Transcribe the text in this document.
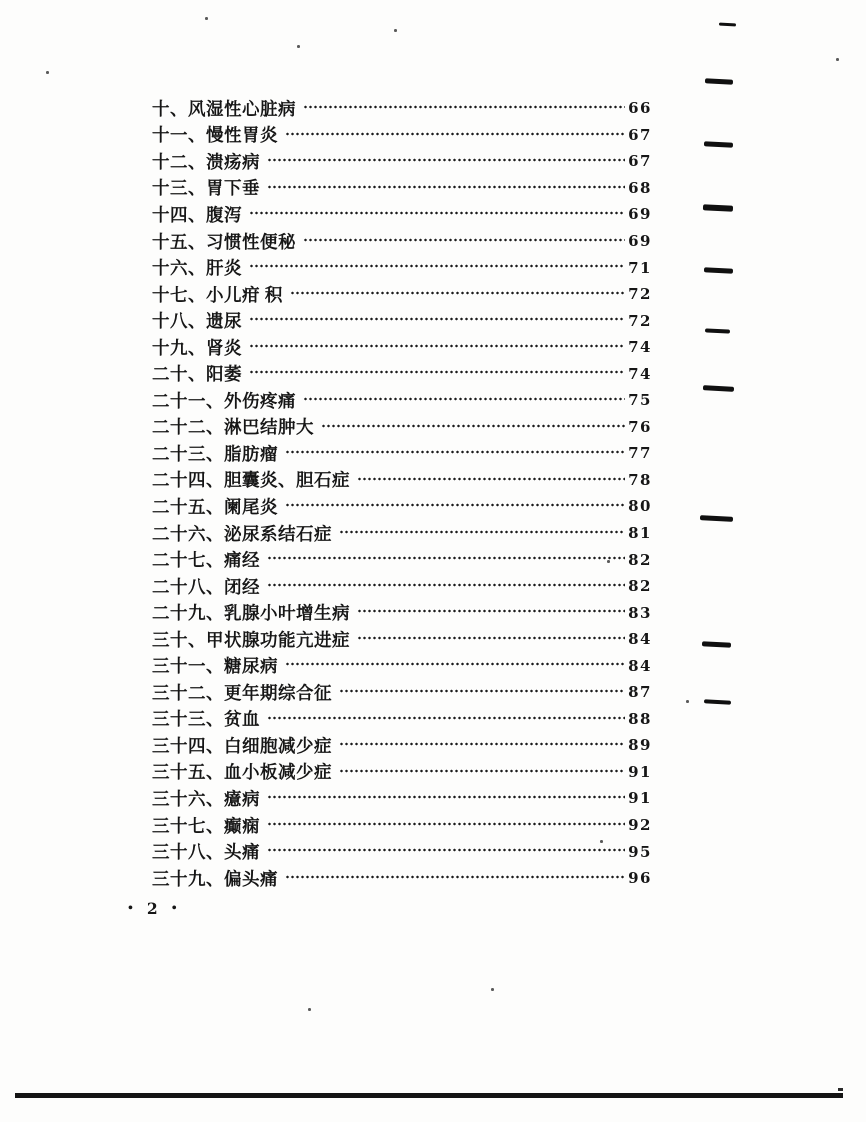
十、风湿性心脏病	66
十一、慢性胃炎	67
十二、溃疡病	67
十三、胃下垂	68
十四、腹泻	69
十五、习惯性便秘	69
十六、肝炎	71
十七、小儿疳 积	72
十八、遗尿	72
十九、肾炎	74
二十、阳萎	74
二十一、外伤疼痛	75
二十二、淋巴结肿大	76
二十三、脂肪瘤	77
二十四、胆囊炎、胆石症	78
二十五、阑尾炎	80
二十六、泌尿系结石症	81
二十七、痛经	82
二十八、闭经	82
二十九、乳腺小叶增生病	83
三十、甲状腺功能亢进症	84
三十一、糖尿病	84
三十二、更年期综合征	87
三十三、贫血	88
三十四、白细胞减少症	89
三十五、血小板减少症	91
三十六、癔病	91
三十七、癫痫	92
三十八、头痛	95
三十九、偏头痛	96
• 2 •
